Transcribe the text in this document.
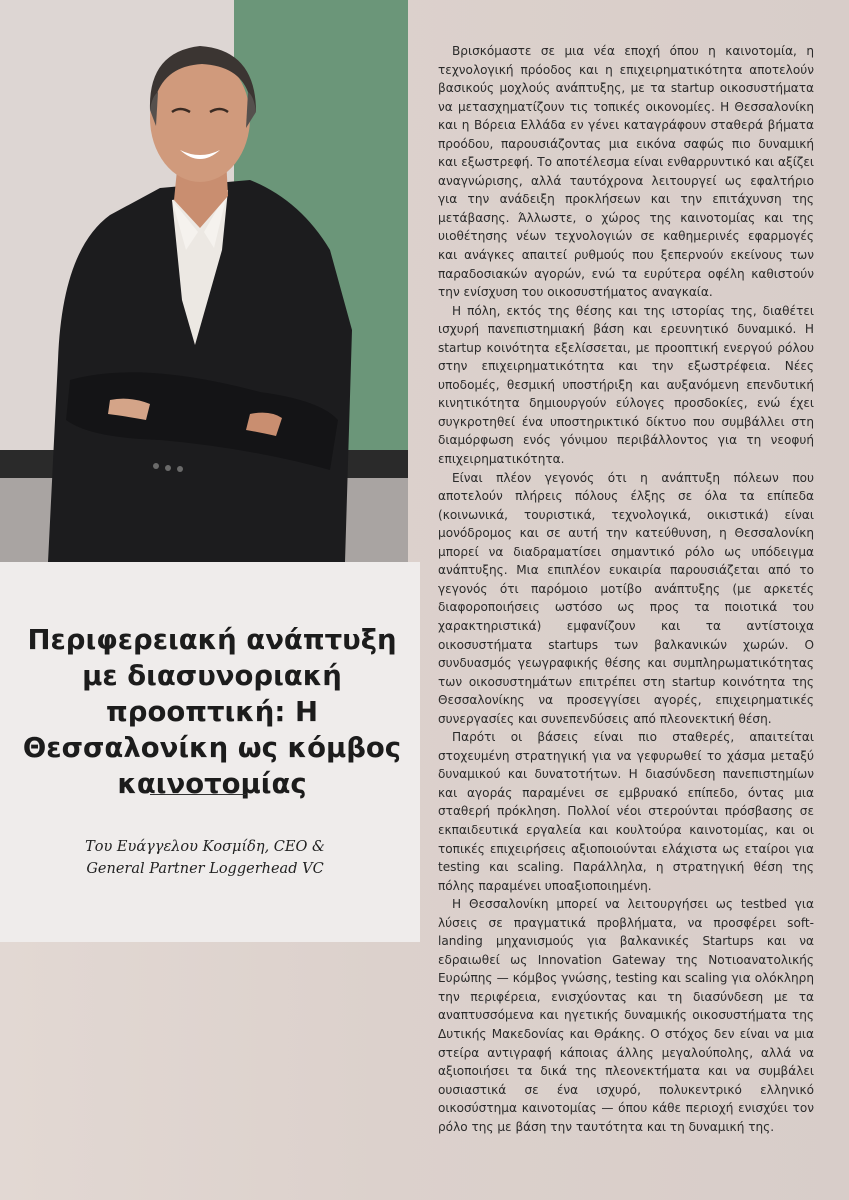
Περιφερειακή ανάπτυξη με διασυνοριακή προοπτική: Η Θεσσαλονίκη ως κόμβος καινοτομίας

Του Ευάγγελου Κοσμίδη, CEO & General Partner Loggerhead VC

Βρισκόμαστε σε μια νέα εποχή όπου η καινοτομία, η τεχνολογική πρόοδος και η επιχειρηματικότητα αποτελούν βασικούς μοχλούς ανάπτυξης, με τα startup οικοσυστήματα να μετασχηματίζουν τις τοπικές οικονομίες. Η Θεσσαλονίκη και η Βόρεια Ελλάδα εν γένει καταγράφουν σταθερά βήματα προόδου, παρουσιάζοντας μια εικόνα σαφώς πιο δυναμική και εξωστρεφή. Το αποτέλεσμα είναι ενθαρρυντικό και αξίζει αναγνώρισης, αλλά ταυτόχρονα λειτουργεί ως εφαλτήριο για την ανάδειξη προκλήσεων και την επιτάχυνση της μετάβασης. Άλλωστε, ο χώρος της καινοτομίας και της υιοθέτησης νέων τεχνολογιών σε καθημερινές εφαρμογές και ανάγκες απαιτεί ρυθμούς που ξεπερνούν εκείνους των παραδοσιακών αγορών, ενώ τα ευρύτερα οφέλη καθιστούν την ενίσχυση του οικοσυστήματος αναγκαία.

Η πόλη, εκτός της θέσης και της ιστορίας της, διαθέτει ισχυρή πανεπιστημιακή βάση και ερευνητικό δυναμικό. Η startup κοινότητα εξελίσσεται, με προοπτική ενεργού ρόλου στην επιχειρηματικότητα και την εξωστρέφεια. Νέες υποδομές, θεσμική υποστήριξη και αυξανόμενη επενδυτική κινητικότητα δημιουργούν εύλογες προσδοκίες, ενώ έχει συγκροτηθεί ένα υποστηρικτικό δίκτυο που συμβάλλει στη διαμόρφωση ενός γόνιμου περιβάλλοντος για τη νεοφυή επιχειρηματικότητα.

Είναι πλέον γεγονός ότι η ανάπτυξη πόλεων που αποτελούν πλήρεις πόλους έλξης σε όλα τα επίπεδα (κοινωνικά, τουριστικά, τεχνολογικά, οικιστικά) είναι μονόδρομος και σε αυτή την κατεύθυνση, η Θεσσαλονίκη μπορεί να διαδραματίσει σημαντικό ρόλο ως υπόδειγμα ανάπτυξης. Μια επιπλέον ευκαιρία παρουσιάζεται από το γεγονός ότι παρόμοιο μοτίβο ανάπτυξης (με αρκετές διαφοροποιήσεις ωστόσο ως προς τα ποιοτικά του χαρακτηριστικά) εμφανίζουν και τα αντίστοιχα οικοσυστήματα startups των βαλκανικών χωρών. Ο συνδυασμός γεωγραφικής θέσης και συμπληρωματικότητας των οικοσυστημάτων επιτρέπει στη startup κοινότητα της Θεσσαλονίκης να προσεγγίσει αγορές, επιχειρηματικές συνεργασίες και συνεπενδύσεις από πλεονεκτική θέση.

Παρότι οι βάσεις είναι πιο σταθερές, απαιτείται στοχευμένη στρατηγική για να γεφυρωθεί το χάσμα μεταξύ δυναμικού και δυνατοτήτων. Η διασύνδεση πανεπιστημίων και αγοράς παραμένει σε εμβρυακό επίπεδο, όντας μια σταθερή πρόκληση. Πολλοί νέοι στερούνται πρόσβασης σε εκπαιδευτικά εργαλεία και κουλτούρα καινοτομίας, και οι τοπικές επιχειρήσεις αξιοποιούνται ελάχιστα ως εταίροι για testing και scaling. Παράλληλα, η στρατηγική θέση της πόλης παραμένει υποαξιοποιημένη.

Η Θεσσαλονίκη μπορεί να λειτουργήσει ως testbed για λύσεις σε πραγματικά προβλήματα, να προσφέρει soft-landing μηχανισμούς για βαλκανικές Startups και να εδραιωθεί ως Innovation Gateway της Νοτιοανατολικής Ευρώπης — κόμβος γνώσης, testing και scaling για ολόκληρη την περιφέρεια, ενισχύοντας και τη διασύνδεση με τα αναπτυσσόμενα και ηγετικής δυναμικής οικοσυστήματα της Δυτικής Μακεδονίας και Θράκης. Ο στόχος δεν είναι να μια στείρα αντιγραφή κάποιας άλλης μεγαλούπολης, αλλά να αξιοποιήσει τα δικά της πλεονεκτήματα και να συμβάλει ουσιαστικά σε ένα ισχυρό, πολυκεντρικό ελληνικό οικοσύστημα καινοτομίας — όπου κάθε περιοχή ενισχύει τον ρόλο της με βάση την ταυτότητα και τη δυναμική της.
